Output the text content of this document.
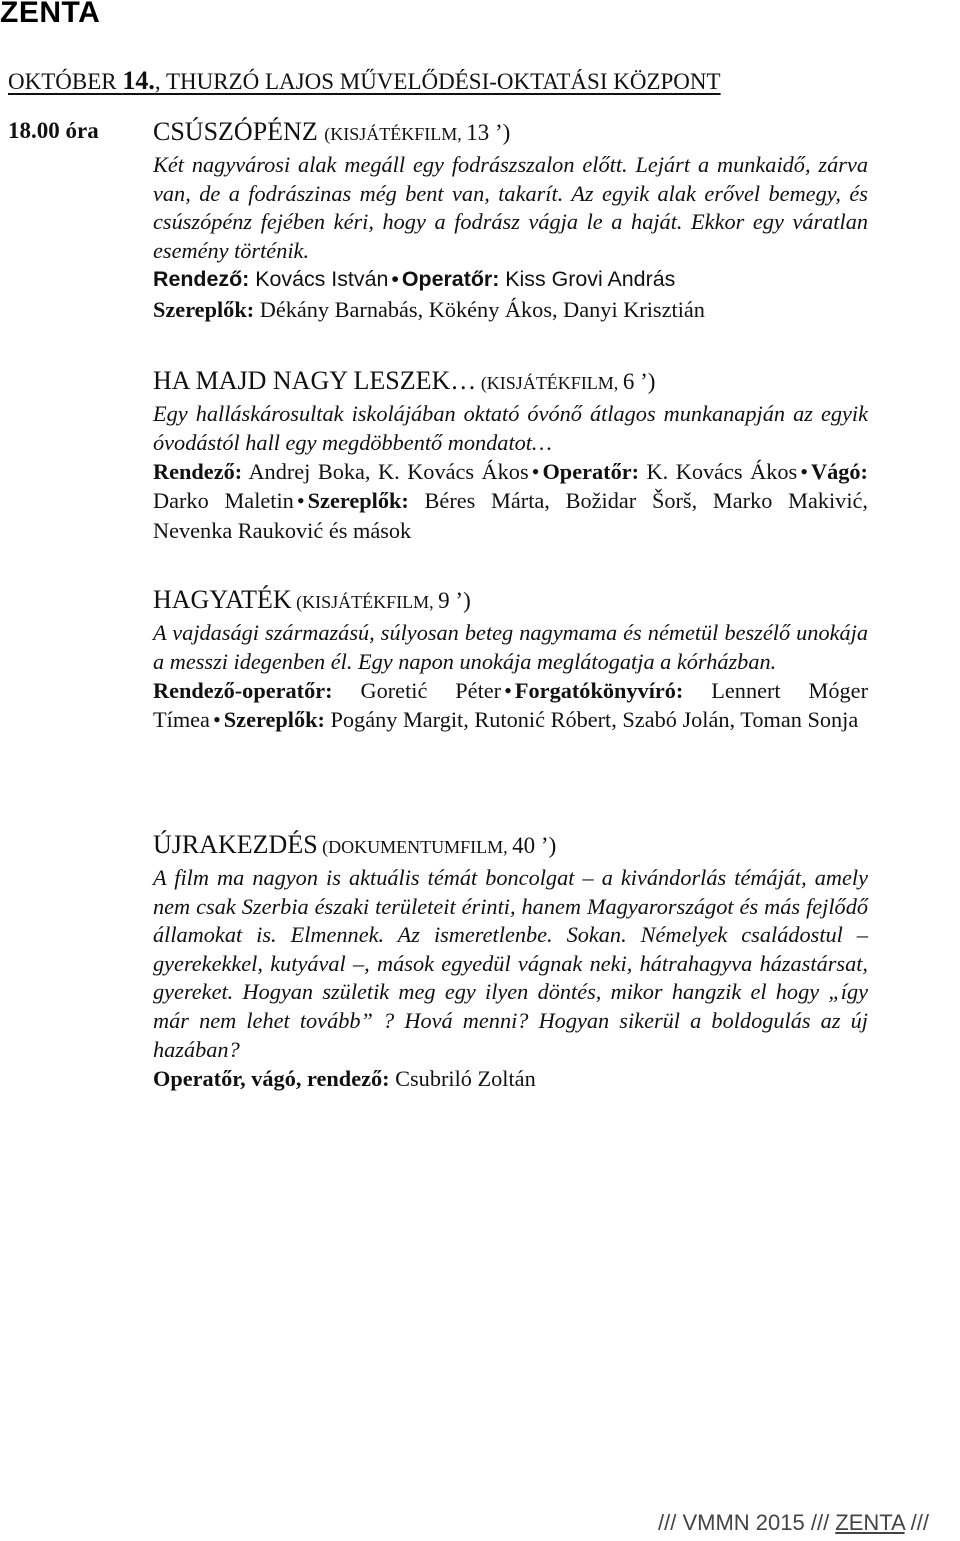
ZENTA
OKTÓBER 14., THURZÓ LAJOS MŰVELŐDÉSI-OKTATÁSI KÖZPONT
18.00 óra CSÚSZÓPÉNZ (KISJÁTÉKFILM, 13 ’)

Két nagyvárosi alak megáll egy fodrászszalon előtt. Lejárt a munkaidő, zárva van, de a fodrászinas még bent van, takarít. Az egyik alak erővel bemegy, és csúszópénz fejében kéri, hogy a fodrász vágja le a haját. Ekkor egy váratlan esemény történik.

Rendező: Kovács István • Operatőr: Kiss Grovi András

Szereplők: Dékány Barnabás, Kökény Ákos, Danyi Krisztián

HA MAJD NAGY LESZEK… (KISJÁTÉKFILM, 6 ’)

Egy halláskárosultak iskolájában oktató óvónő átlagos munkanapján az egyik óvodástól hall egy megdöbbentő mondatot…

Rendező: Andrej Boka, K. Kovács Ákos • Operatőr: K. Kovács Ákos • Vágó: Darko Maletin • Szereplők: Béres Márta, Božidar Šorš, Marko Makivić, Nevenka Rauković és mások

HAGYATÉK (KISJÁTÉKFILM, 9 ’)

A vajdasági származású, súlyosan beteg nagymama és németül beszélő unokája a messzi idegenben él. Egy napon unokája meglátogatja a kórházban.

Rendező-operatőr: Goretić Péter • Forgatókönyvíró: Lennert Móger Tímea • Szereplők: Pogány Margit, Rutonić Róbert, Szabó Jolán, Toman Sonja

ÚJRAKEZDÉS (DOKUMENTUMFILM, 40 ’)

A film ma nagyon is aktuális témát boncolgat – a kivándorlás témáját, amely nem csak Szerbia északi területeit érinti, hanem Magyarországot és más fejlődő államokat is. Elmennek. Az ismeretlenbe. Sokan. Némelyek családostul – gyerekekkel, kutyával –, mások egyedül vágnak neki, hátrahagyva házastársat, gyereket. Hogyan születik meg egy ilyen döntés, mikor hangzik el hogy „így már nem lehet tovább” ? Hová menni? Hogyan sikerül a boldogulás az új hazában?

Operatőr, vágó, rendező: Csubriló Zoltán

/// VMMN 2015 /// ZENTA ///
